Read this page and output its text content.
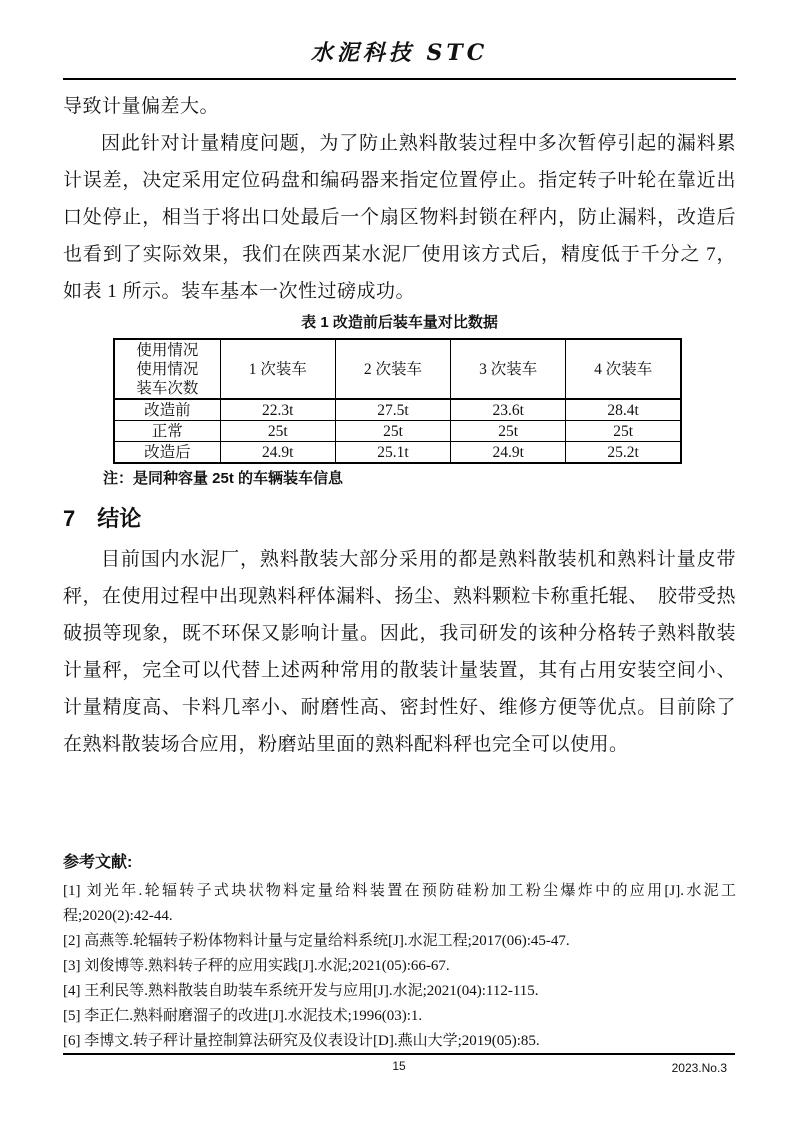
水泥科技 STC

导致计量偏差大。

因此针对计量精度问题，为了防止熟料散装过程中多次暂停引起的漏料累计误差，决定采用定位码盘和编码器来指定位置停止。指定转子叶轮在靠近出口处停止，相当于将出口处最后一个扇区物料封锁在秤内，防止漏料，改造后也看到了实际效果，我们在陕西某水泥厂使用该方式后，精度低于千分之 7，如表 1 所示。装车基本一次性过磅成功。

表 1 改造前后装车量对比数据
使用情况
使用情况
装车次数	1 次装车	2 次装车	3 次装车	4 次装车
改造前	22.3t	27.5t	23.6t	28.4t
正常	25t	25t	25t	25t
改造后	24.9t	25.1t	24.9t	25.2t
注：是同种容量 25t 的车辆装车信息
7　结论

目前国内水泥厂，熟料散装大部分采用的都是熟料散装机和熟料计量皮带秤，在使用过程中出现熟料秤体漏料、扬尘、熟料颗粒卡称重托辊、　胶带受热破损等现象，既不环保又影响计量。因此，我司研发的该种分格转子熟料散装计量秤，完全可以代替上述两种常用的散装计量装置，其有占用安装空间小、计量精度高、卡料几率小、耐磨性高、密封性好、维修方便等优点。目前除了在熟料散装场合应用，粉磨站里面的熟料配料秤也完全可以使用。

参考文献:

[1] 刘光年.轮辐转子式块状物料定量给料装置在预防硅粉加工粉尘爆炸中的应用[J].水泥工程;2020(2):42-44.

[2] 高燕等.轮辐转子粉体物料计量与定量给料系统[J].水泥工程;2017(06):45-47.

[3] 刘俊博等.熟料转子秤的应用实践[J].水泥;2021(05):66-67.

[4] 王利民等.熟料散装自助装车系统开发与应用[J].水泥;2021(04):112-115.

[5] 李正仁.熟料耐磨溜子的改进[J].水泥技术;1996(03):1.

[6] 李博文.转子秤计量控制算法研究及仪表设计[D].燕山大学;2019(05):85.

15	2023.No.3
